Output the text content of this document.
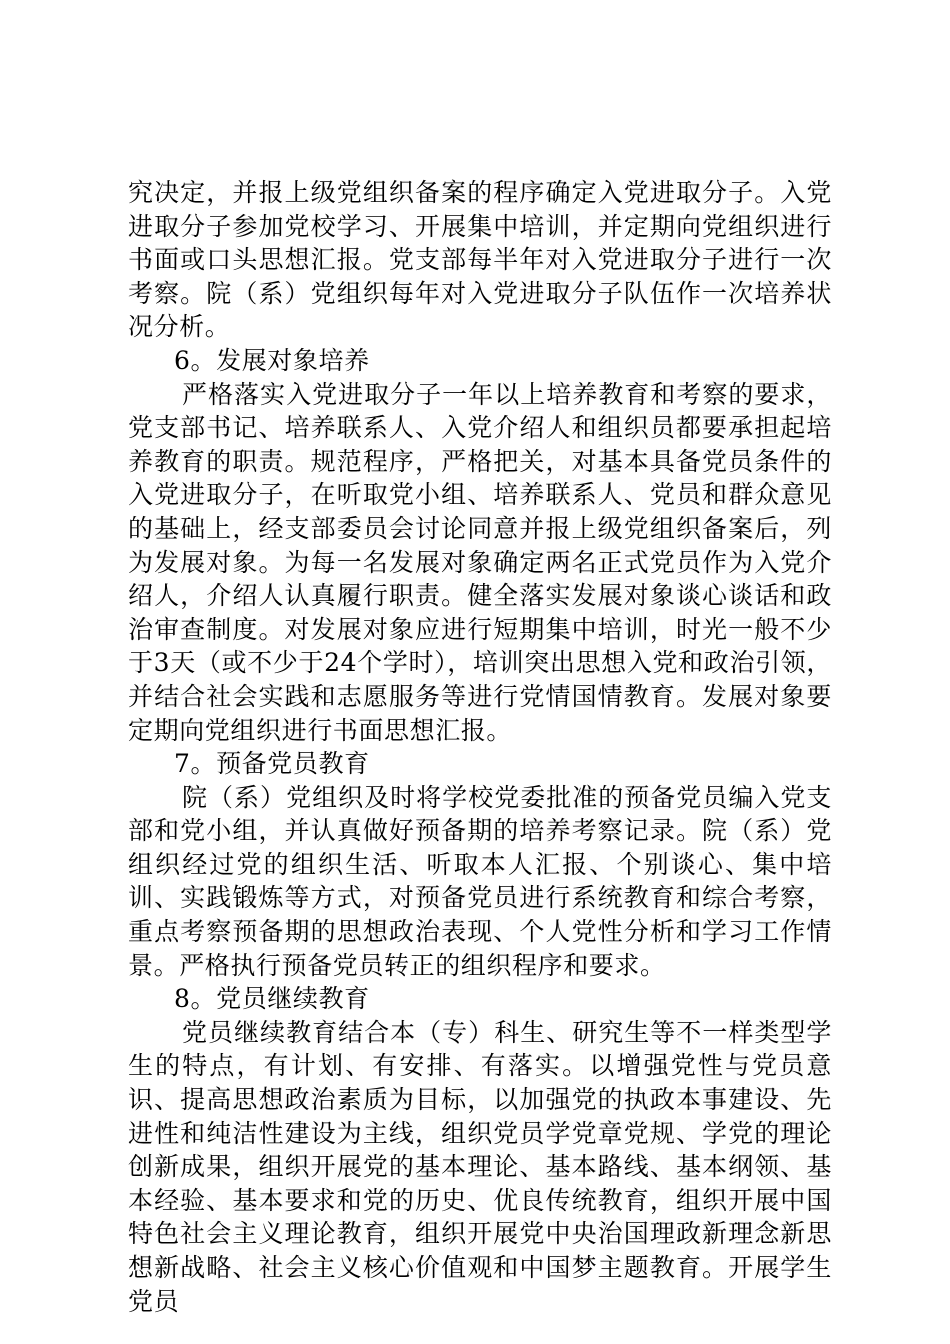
究决定，并报上级党组织备案的程序确定入党进取分子。入党进取分子参加党校学习、开展集中培训，并定期向党组织进行书面或口头思想汇报。党支部每半年对入党进取分子进行一次考察。院（系）党组织每年对入党进取分子队伍作一次培养状况分析。

6。发展对象培养

严格落实入党进取分子一年以上培养教育和考察的要求，党支部书记、培养联系人、入党介绍人和组织员都要承担起培养教育的职责。规范程序，严格把关，对基本具备党员条件的入党进取分子，在听取党小组、培养联系人、党员和群众意见的基础上，经支部委员会讨论同意并报上级党组织备案后，列为发展对象。为每一名发展对象确定两名正式党员作为入党介绍人，介绍人认真履行职责。健全落实发展对象谈心谈话和政治审查制度。对发展对象应进行短期集中培训，时光一般不少于3天（或不少于24个学时），培训突出思想入党和政治引领，并结合社会实践和志愿服务等进行党情国情教育。发展对象要定期向党组织进行书面思想汇报。

7。预备党员教育

院（系）党组织及时将学校党委批准的预备党员编入党支部和党小组，并认真做好预备期的培养考察记录。院（系）党组织经过党的组织生活、听取本人汇报、个别谈心、集中培训、实践锻炼等方式，对预备党员进行系统教育和综合考察，重点考察预备期的思想政治表现、个人党性分析和学习工作情景。严格执行预备党员转正的组织程序和要求。

8。党员继续教育

党员继续教育结合本（专）科生、研究生等不一样类型学生的特点，有计划、有安排、有落实。以增强党性与党员意识、提高思想政治素质为目标，以加强党的执政本事建设、先进性和纯洁性建设为主线，组织党员学党章党规、学党的理论创新成果，组织开展党的基本理论、基本路线、基本纲领、基本经验、基本要求和党的历史、优良传统教育，组织开展中国特色社会主义理论教育，组织开展党中央治国理政新理念新思想新战略、社会主义核心价值观和中国梦主题教育。开展学生党员
